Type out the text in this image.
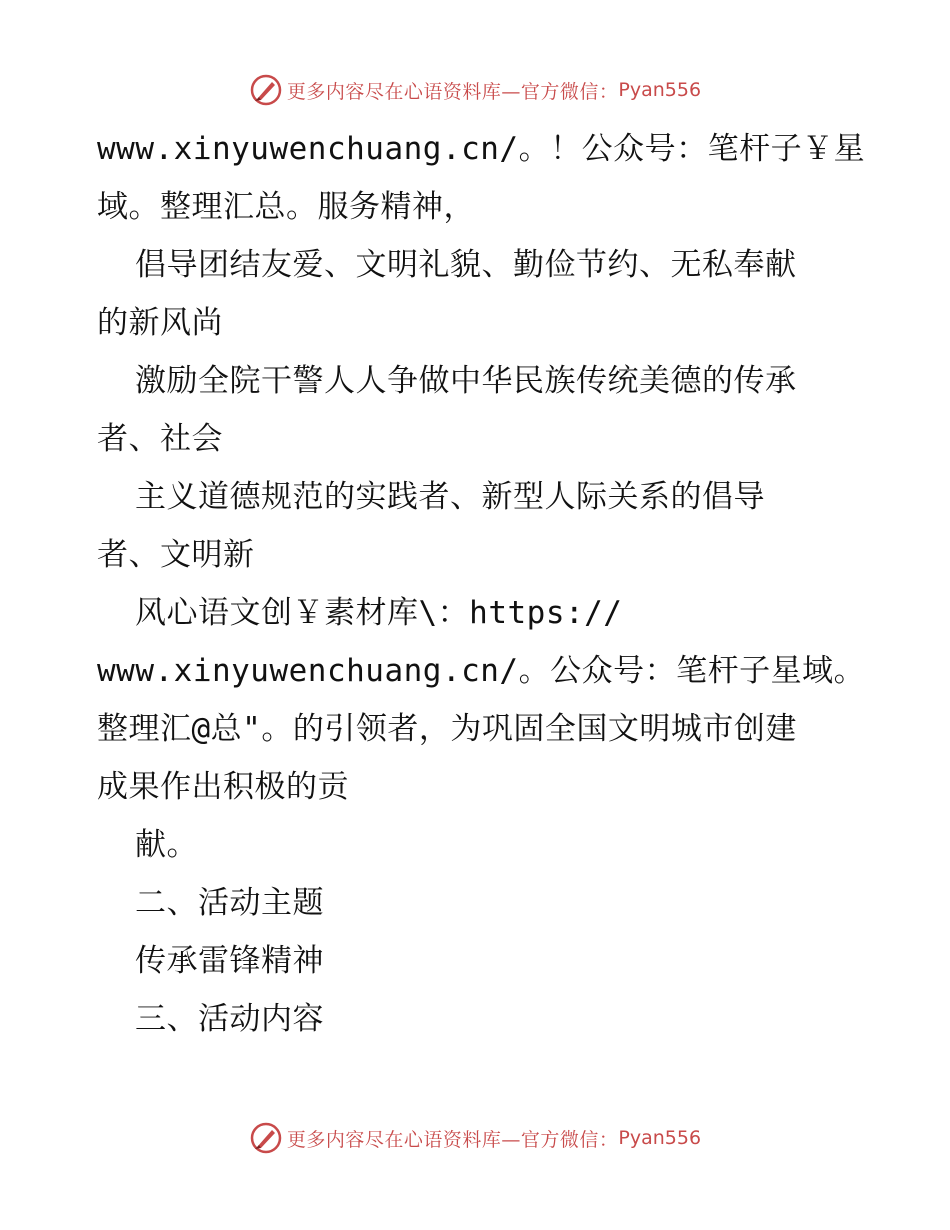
更多内容尽在心语资料库—官方微信： Pyan556
www.xinyuwenchuang.cn/。！公众号：笔杆子￥星
域。整理汇总。服务精神，
倡导团结友爱、文明礼貌、勤俭节约、无私奉献
的新风尚
激励全院干警人人争做中华民族传统美德的传承
者、社会
主义道德规范的实践者、新型人际关系的倡导
者、文明新
风心语文创￥素材库\：https://
www.xinyuwenchuang.cn/。公众号：笔杆子星域。
整理汇@总"。的引领者，为巩固全国文明城市创建
成果作出积极的贡
献。
二、活动主题
传承雷锋精神
三、活动内容
更多内容尽在心语资料库—官方微信： Pyan556
